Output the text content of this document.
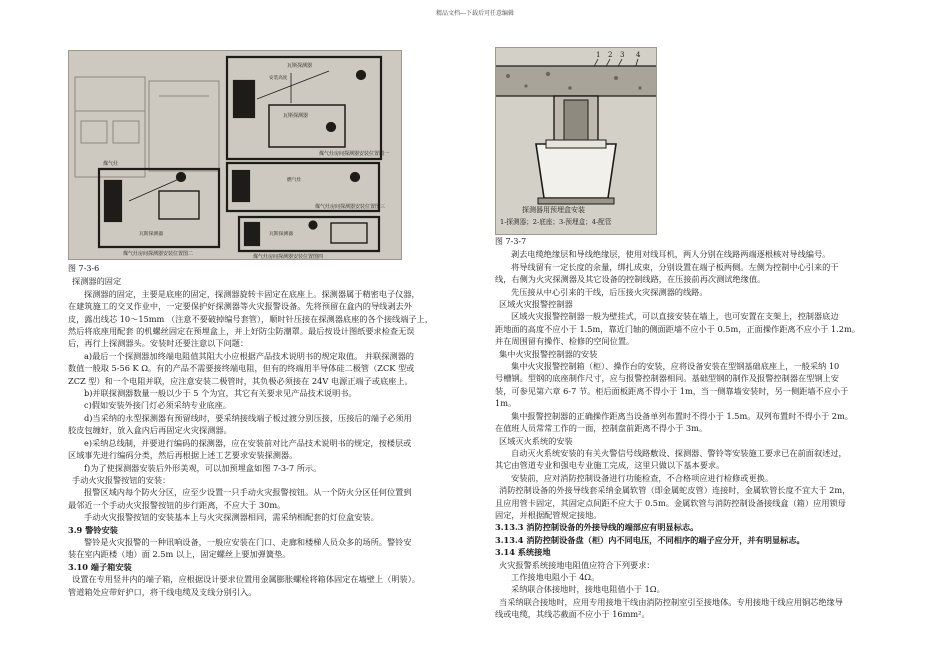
精品文档---下载后可任意编辑
瓦斯探测器
安装高度
瓦斯探测器
煤气灶房间探测器安装位置图一
煤气灶
煤气灶房间探测器安装位置图二
瓦斯探测器
燃气灶
煤气灶房间探测器安装位置图三
瓦斯探测器
煤气灶房间探测器安装位置图四
1 2 3 4
探测器用预埋盒安装
1-探测器；2-底座；3-预埋盒；4-配管

图 7-3-6

探测器的固定

探测器的固定，主要是底座的固定，探测器旋转卡固定在底座上。探测器属于精密电子仪器，

在建筑施工的交叉作业中，一定要保护好探测器等火灾报警设备。先将预留在盒内的导线剥去外

皮，露出线芯 10～15mm （注意不要破掉编号套管），顺时针压接在探测器底座的各个接线端子上，

然后将底座用配套 的机螺丝固定在预埋盒上，并上好防尘防潮罩。最后按设计图纸要求检查无误

后，再行上探测器头。安装时还要注意以下问题：

a)最后一个探测器加终端电阻值其阻大小应根据产品技术说明书的规定取值。 并联探测器的

数值一般取 5-56 K Ω。有的产品不需要接终端电阻，但有的终端用半导体硅二极管（ZCK 型或

ZCZ 型）和一个电阻并联，应注意安装二极管时，其负极必须接在 24V 电源正端子或底座上。

b)并联探测器数量一般以少于 5 个为宜，其它有关要求见产品技术说明书。

c)假如安装外接门灯必须采纳专业底座。

d)当采纳的永型探测器有预留线时，要采纳接线端子板过渡分别压接，压接后的端子必须用

胶皮包缠好，放入盒内后再固定火灾探测器。

e)采纳总线制，并要进行编码的探测器，应在安装前对比产品技术说明书的规定，按楼层或

区域事先进行编码分类，然后再根据上述工艺要求安装探测器。

f)为了使探测器安装后外形美观，可以加预埋盒如图 7-3-7 所示。

手动火灾报警按钮的安装：

报警区域内每个防火分区，应至少设置一只手动火灾报警按钮。从一个防火分区任何位置到

最邻近一个手动火灾报警按钮的步行距离，不应大于 30m。

手动火灾报警按钮的安装基本上与火灾探测器相同，需采纳相配套的灯位盒安装。

3.9 警铃安装

警铃是火灾报警的一种讯响设备，一般应安装在门口、走廊和楼梯人员众多的场所。警铃安

装在室内距楼（地）面 2.5m 以上，固定螺丝上要加弹簧垫。

3.10 端子箱安装

设置在专用竖井内的端子箱，应根据设计要求位置用金属膨胀螺栓将箱体固定在墙壁上（明装）。

管道箱处应带好护口，将干线电缆及支线分别引入。

图 7-3-7

剥去电缆绝缘层和导线绝缘层，使用对线耳机，两人分别在线路两端逐根核对导线编号。

将导线留有一定长度的余量，绑扎成束，分别设置在端子板两侧。左侧为控制中心引来的干

线，右侧为火灾探测器及其它设备的控制线路，在压接前再次测试绝缘值。

先压接从中心引来的干线，后压接火灾探测器的线路。

区域火灾报警控制器

区域火灾报警控制器一般为壁挂式，可以直接安装在墙上，也可安置在支架上，控制器底边

距地面的高度不应小于 1.5m，靠近门轴的侧面距墙不应小于 0.5m，正面操作距离不应小于 1.2m。

并在周围留有操作、检修的空间位置。

集中火灾报警控制器的安装

集中火灾报警控制箱（柜）、操作台的安装，应将设备安装在型钢基础底座上，一般采纳 10

号槽钢。型钢的底座制作尺寸，应与报警控制器相同。基础型钢的制作及报警控制器在型钢上安

装，可参见第六章 6-7 节。柜后面板距离不得小于 1m，当一侧靠墙安装时，另一侧距墙不应小于

1m。

集中报警控制器的正确操作距离当设备单列布置时不得小于 1.5m。双列布置时不得小于 2m。

在值班人员常常工作的一面，控制盘前距离不得小于 3m。

区域灭火系统的安装

自动灭火系统安装的有关火警信号线路敷设、探测器、警铃等安装施工要求已在前面叙述过，

其它由管道专业和强电专业施工完成，这里只做以下基本要求。

安装前，应对消防控制设备进行功能检查，不合格项应进行检修或更换。

消防控制设备的外接导线套采纳金属软管（即金属蛇皮管）连接时，金属软管长度不宜大于 2m，

且应用管卡固定，其固定点间距不应大于 0.5m。金属软管与消防控制设备接线盒（箱）应用锁母

固定，并根据配管规定接地。

3.13.3 消防控制设备的外接导线的端部应有明显标志。

3.13.4 消防控制设备盘（柜）内不同电压，不同相序的端子应分开，并有明显标志。

3.14 系统接地

火灾报警系统接地电阻值应符合下列要求：

工作接地电阻小于 4Ω。

采纳联合体接地时，接地电阻值小于 1Ω。

当采纳联合接地时，应用专用接地干线由消防控制室引至接地体。专用接地干线应用铜芯绝缘导

线或电缆，其线芯截面不应小于 16mm²。
